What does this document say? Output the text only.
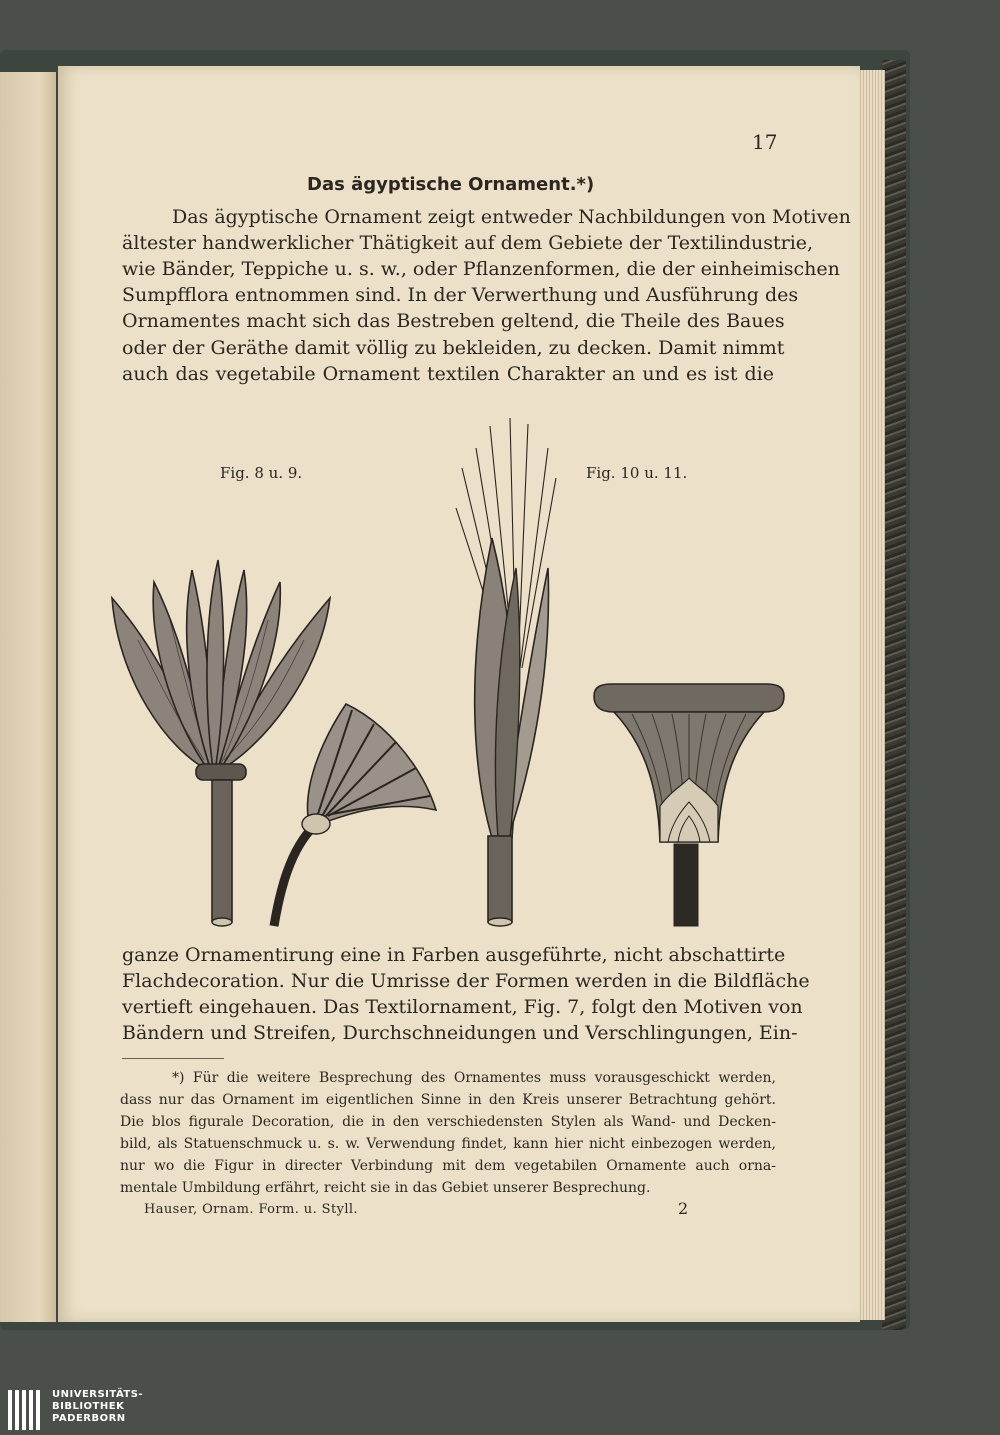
17
Das ägyptische Ornament.*)
Das ägyptische Ornament zeigt entweder Nachbildungen von Motiven
ältester handwerklicher Thätigkeit auf dem Gebiete der Textilindustrie,
wie Bänder, Teppiche u. s. w., oder Pflanzenformen, die der einheimischen
Sumpfflora entnommen sind. In der Verwerthung und Ausführung des
Ornamentes macht sich das Bestreben geltend, die Theile des Baues
oder der Geräthe damit völlig zu bekleiden, zu decken. Damit nimmt
auch das vegetabile Ornament textilen Charakter an und es ist die
Fig. 8 u. 9.	Fig. 10 u. 11.
ganze Ornamentirung eine in Farben ausgeführte, nicht abschattirte
Flachdecoration. Nur die Umrisse der Formen werden in die Bildfläche
vertieft eingehauen. Das Textilornament, Fig. 7, folgt den Motiven von
Bändern und Streifen, Durchschneidungen und Verschlingungen, Ein-
*) Für die weitere Besprechung des Ornamentes muss vorausgeschickt werden,
dass nur das Ornament im eigentlichen Sinne in den Kreis unserer Betrachtung gehört.
Die blos figurale Decoration, die in den verschiedensten Stylen als Wand- und Decken-
bild, als Statuenschmuck u. s. w. Verwendung findet, kann hier nicht einbezogen werden,
nur wo die Figur in directer Verbindung mit dem vegetabilen Ornamente auch orna-
mentale Umbildung erfährt, reicht sie in das Gebiet unserer Besprechung.
Hauser, Ornam. Form. u. Styll.	2
UNIVERSITÄTS-
BIBLIOTHEK
PADERBORN
